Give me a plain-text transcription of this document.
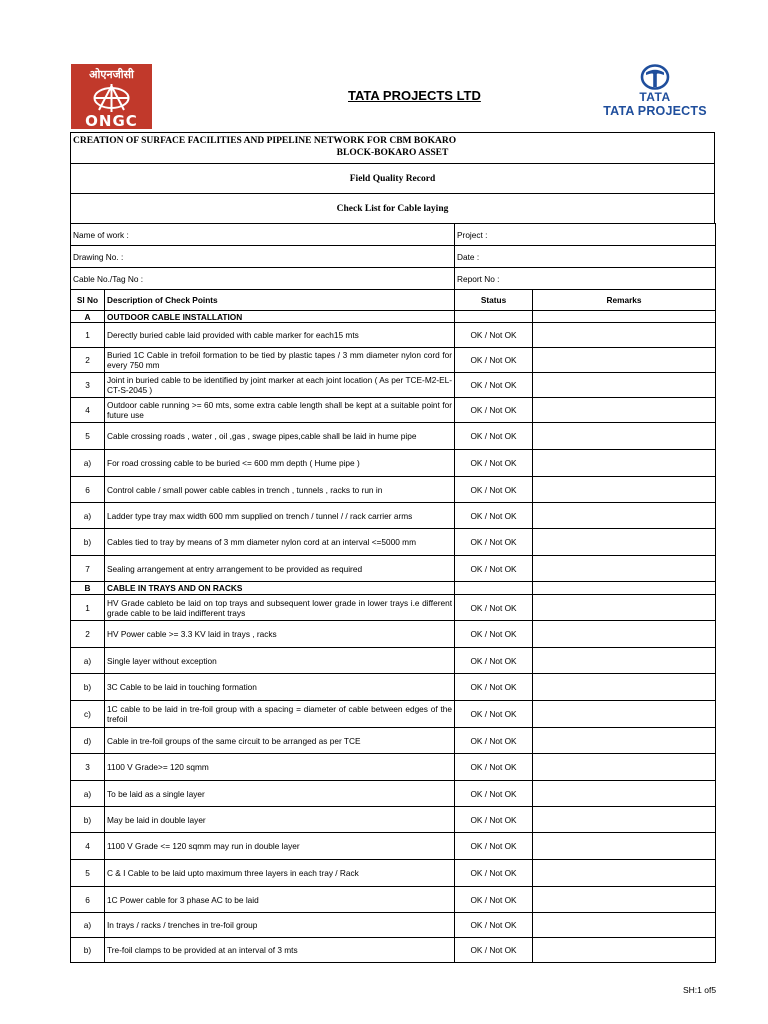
ओएनजीसी
ONGC
TATA PROJECTS LTD	TATA
TATA PROJECTS
CREATION OF SURFACE FACILITIES AND PIPELINE NETWORK FOR CBM BOKARO
BLOCK-BOKARO ASSET
Field Quality Record
Check List for Cable laying
Name of work :		Project :	
Drawing No. :		Date :	
Cable No./Tag No :		Report No :	
Sl No	Description of Check Points	Status	Remarks
A	OUTDOOR CABLE INSTALLATION		
1	Derectly buried cable laid provided with cable marker for each15 mts	OK / Not OK	
2	Buried 1C Cable in trefoil formation to be tied by plastic tapes / 3 mm diameter nylon cord for every 750 mm	OK / Not OK	
3	Joint in buried cable to be identified by joint marker at each joint location ( As per TCE-M2-EL-CT-S-2045 )	OK / Not OK	
4	Outdoor cable running >= 60 mts, some extra cable length shall be kept at a suitable point for future use	OK / Not OK	
5	Cable crossing roads , water , oil ,gas , swage pipes,cable shall be laid in hume pipe	OK / Not OK	
a)	For road crossing cable to be buried <= 600 mm depth ( Hume pipe )	OK / Not OK	
6	Control cable / small power cable cables in trench , tunnels , racks to run in	OK / Not OK	
a)	Ladder type tray max width 600 mm supplied on trench / tunnel / / rack carrier arms	OK / Not OK	
b)	Cables tied to tray by means of 3 mm diameter nylon cord at an interval <=5000 mm	OK / Not OK	
7	Sealing arrangement at entry arrangement to be provided as required	OK / Not OK	
B	CABLE IN TRAYS AND ON RACKS		
1	HV Grade cableto be laid on top trays and subsequent lower grade in lower trays i.e different grade cable to be laid indifferent trays	OK / Not OK	
2	HV Power cable >= 3.3 KV laid in trays , racks	OK / Not OK	
a)	Single layer without exception	OK / Not OK	
b)	3C Cable to be laid in touching formation	OK / Not OK	
c)	1C cable to be laid in tre-foil group with a spacing = diameter of cable between edges of the trefoil	OK / Not OK	
d)	Cable in tre-foil groups of the same circuit to be arranged as per TCE	OK / Not OK	
3	1100 V Grade>= 120 sqmm	OK / Not OK	
a)	To be laid as a single layer	OK / Not OK	
b)	May be laid in double layer	OK / Not OK	
4	1100 V Grade <= 120 sqmm may run in double layer	OK / Not OK	
5	C & I Cable to be laid upto maximum three layers in each tray / Rack	OK / Not OK	
6	1C Power cable for 3 phase AC to be laid	OK / Not OK	
a)	In trays / racks / trenches in tre-foil group	OK / Not OK	
b)	Tre-foil clamps to be provided at an interval of 3 mts	OK / Not OK	
SH:1 of5
